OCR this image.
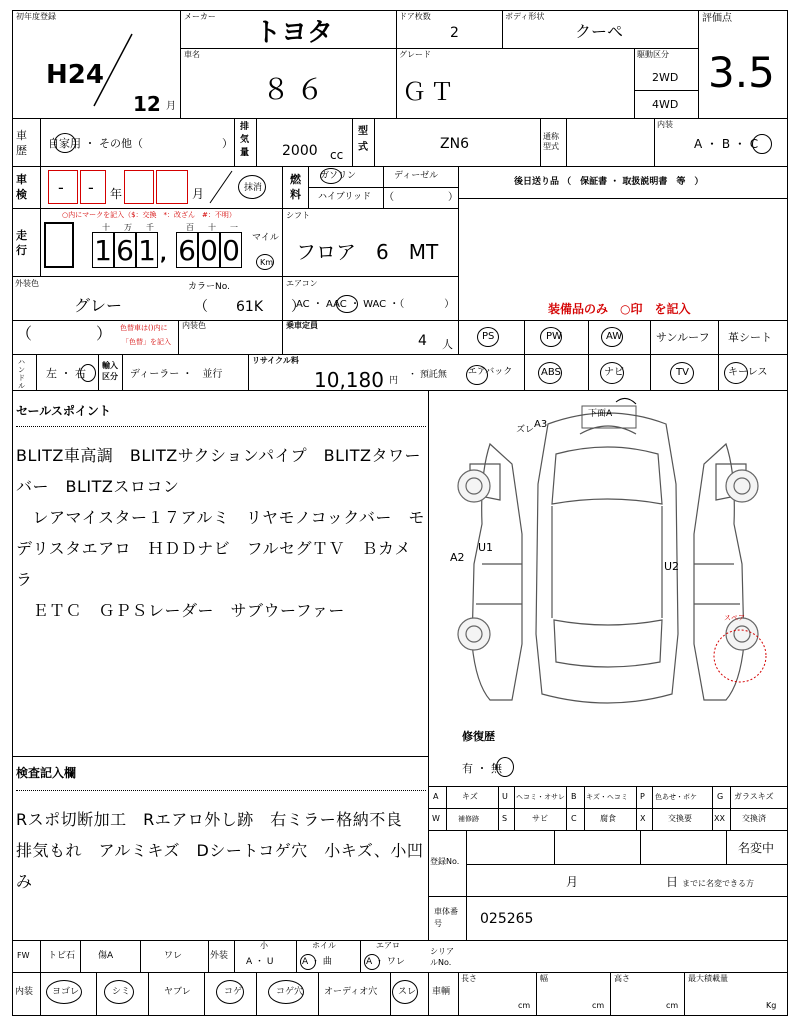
初年度登録
H24
12 月
メーカー
トヨタ
ドア枚数
2
ボディ形状
クーペ
評価点
3.5
車名
８６
グレード
ＧＴ
駆動区分
2WD
4WD
車歴
自家用 ・ その他（	）
排気量 2000 cc
型式	ZN6	通称型式
内装
A ・ B ・ C
車検 - - 年	月	抹消
燃料
ガソリン	ディーゼル
ハイブリッド （	）
後日送り品 （　保証書 ・ 取扱説明書　等　）
走行
○内にマークを記入（$：交換　*：改ざん　#：不明）
十 万 千	百 十 一
1 6 1 , 6 0 0 マイル
Km
シフト
フロア　6　MT
外装色
グレー
カラーNo.
（　　61K　　）
エアコン
AC ・ AAC ・ WAC ・（　　　　）	装備品のみ　○印　を記入
（	） 色替車は()内に
「色替」を記入
内装色	乗車定員
4 人
PS	PW	AW	サンルーフ 革シート
エアバック	ABS	ナビ	TV	キーレス
ハンドル
左 ・ 右
輸入区分	ディーラー ・　並行
リサイクル料
10,180 円
・ 預託無
セールスポイント
BLITZ車高調　BLITZサクションパイプ　BLITZタワー
バー　BLITZスロコン
　レアマイスター１７アルミ　リヤモノコックバー　モ
デリスタエアロ　ＨＤＤナビ　フルセグＴＶ　Ｂカメラ
　ＥＴＣ　ＧＰＳレーダー　サブウーファー
A3
ズレ
下面A
A2
U1
U2
スペア
修復歴
有 ・ 無
検査記入欄
Rスポ切断加工　Rエアロ外し跡　右ミラー格納不良
排気もれ　アルミキズ　Dシートコゲ穴　小キズ、小凹
み
A	キズ	U ヘコミ・オサレ B キズ・ヘコミ P 色あせ・ボケ	G ガラスキズ
W	補修跡	S	サビ	C	腐食	X	交換要	XX 交換済
登録No.
名変中
月	日 までに名変できる方
車体番号	025265
FW トビ石	傷A	ワレ	外装
小
A ・ U
ホイル
A ・ 曲
エアロ
A ・ ワレ
シリアルNo.
内装 ヨゴレ	シミ	ヤブレ	コゲ	コゲ穴 オーディオ穴 スレ 車輌
長さ
cm
幅
cm
高さ
cm
最大積載量
Kg
